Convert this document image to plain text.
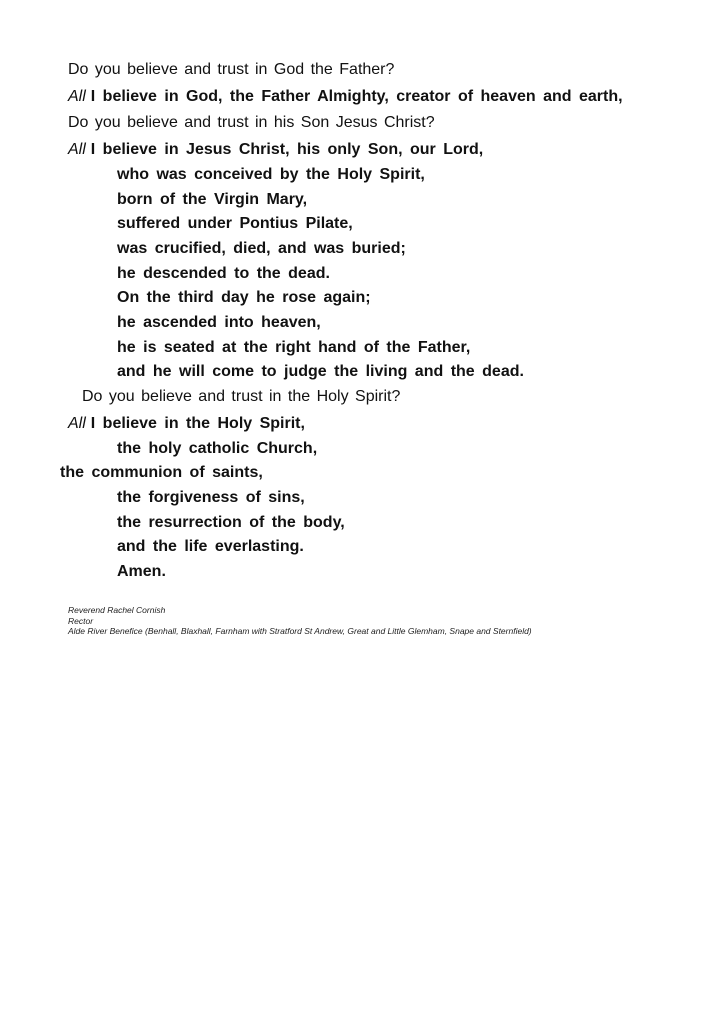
Do you believe and trust in God the Father?
All I believe in God, the Father Almighty, creator of heaven and earth,
Do you believe and trust in his Son Jesus Christ?
All I believe in Jesus Christ, his only Son, our Lord,
who was conceived by the Holy Spirit,
born of the Virgin Mary,
suffered under Pontius Pilate,
was crucified, died, and was buried;
he descended to the dead.
On the third day he rose again;
he ascended into heaven,
he is seated at the right hand of the Father,
and he will come to judge the living and the dead.
Do you believe and trust in the Holy Spirit?
All I believe in the Holy Spirit,
the holy catholic Church,
the communion of saints,
the forgiveness of sins,
the resurrection of the body,
and the life everlasting.
Amen.
Reverend Rachel Cornish
Rector
Alde River Benefice (Benhall, Blaxhall, Farnham with Stratford St Andrew, Great and Little Glemham, Snape and Sternfield)
